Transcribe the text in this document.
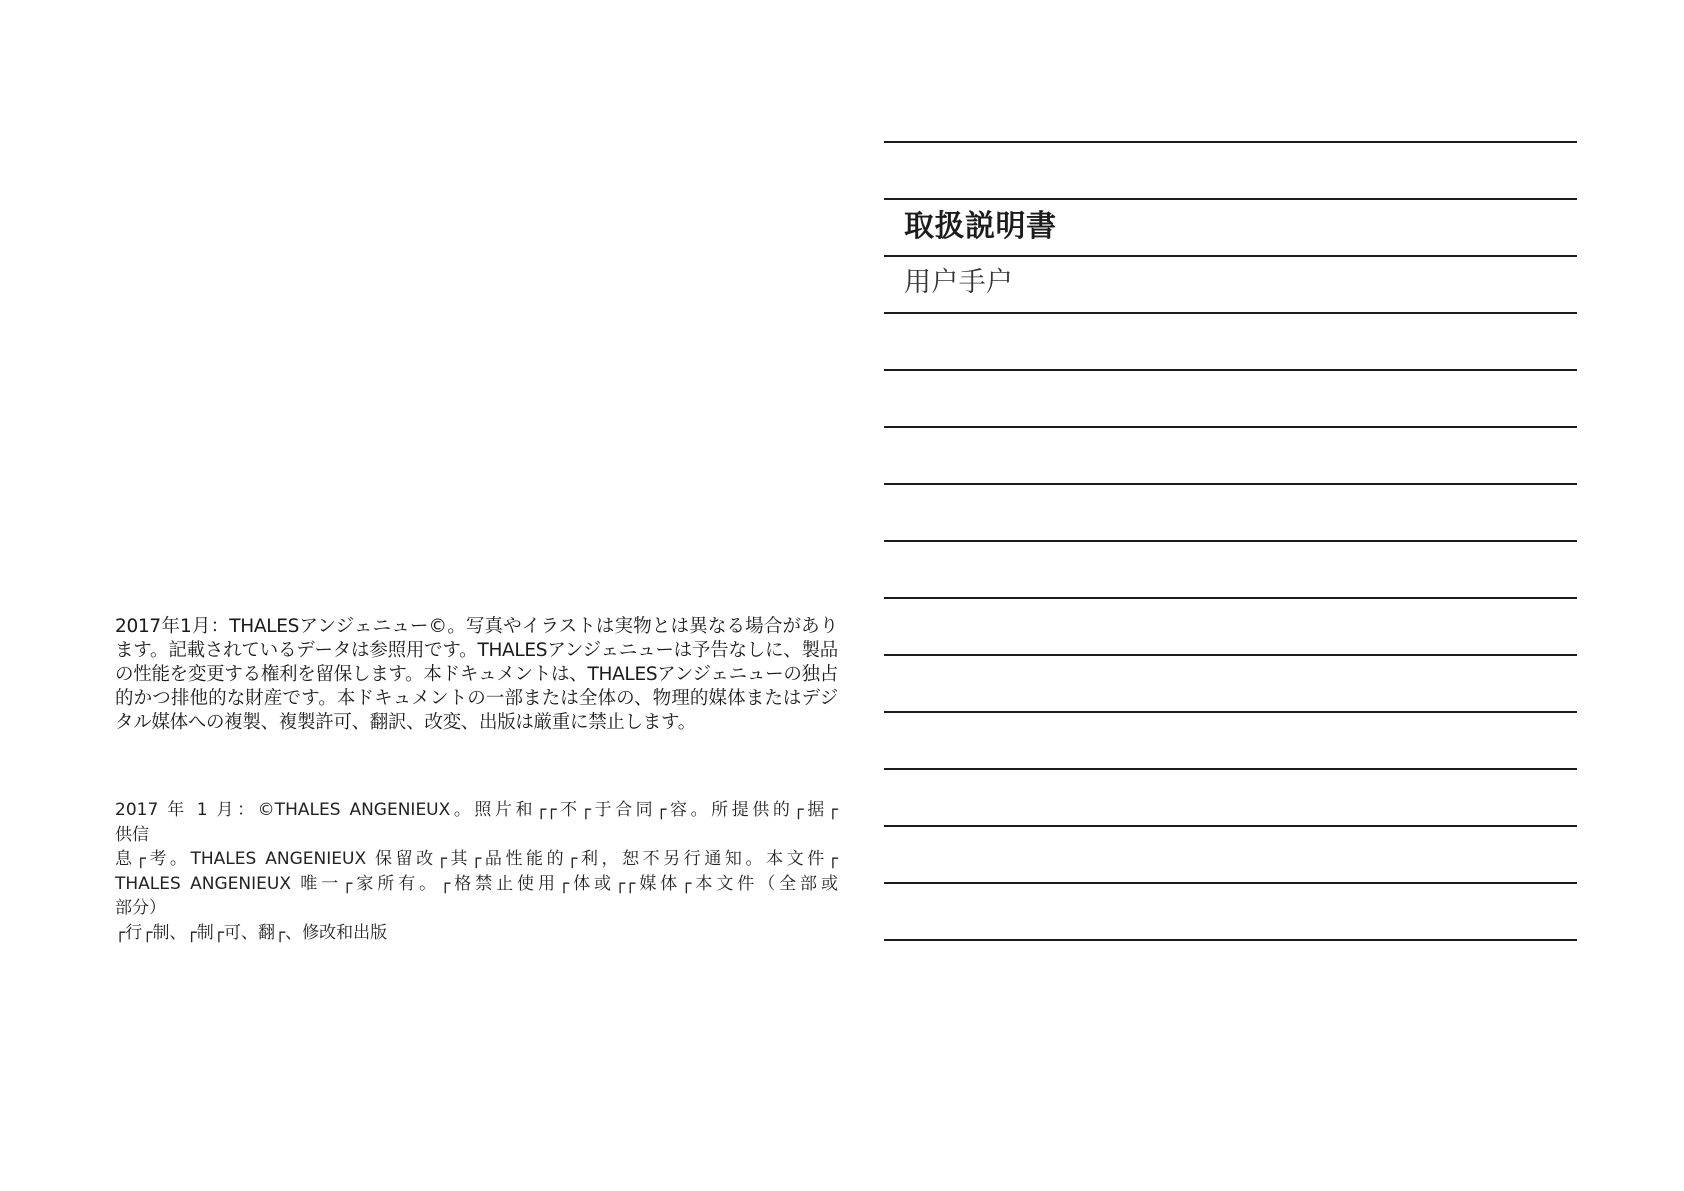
2017年1月：THALESアンジェニュー©。写真やイラストは実物とは異なる場合があります。記載されているデータは参照用です。THALESアンジェニューは予告なしに、製品の性能を変更する権利を留保します。本ドキュメントは、THALESアンジェニューの独占的かつ排他的な財産です。本ドキュメントの一部または全体の、物理的媒体またはデジタル媒体への複製、複製許可、翻訳、改変、出版は厳重に禁止します。

2017 年 1 月：©THALES ANGENIEUX。照片和┌┌不┌于合同┌容。所提供的┌据┌
供信
息┌考。THALES ANGENIEUX 保留改┌其┌品性能的┌利，恕不另行通知。本文件┌
THALES ANGENIEUX 唯一┌家所有。┌格禁止使用┌体或┌┌媒体┌本文件（全部或
部分）
┌行┌制、┌制┌可、翻┌、修改和出版

取扱説明書
用户手户
